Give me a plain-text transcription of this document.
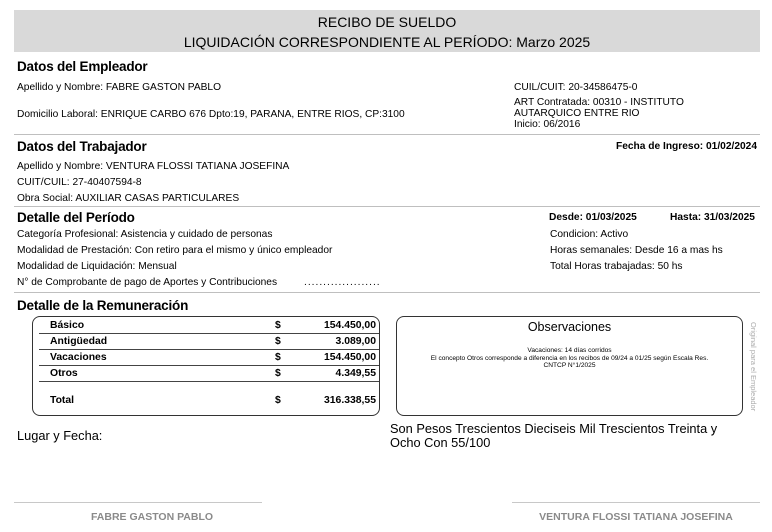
RECIBO DE SUELDO
LIQUIDACIÓN CORRESPONDIENTE AL PERÍODO: Marzo 2025
Datos del Empleador
Apellido y Nombre: FABRE GASTON PABLO	CUIL/CUIT: 20-34586475-0
Domicilio Laboral: ENRIQUE CARBO 676 Dpto:19, PARANA, ENTRE RIOS, CP:3100
ART Contratada: 00310 - INSTITUTO
AUTARQUICO ENTRE RIO
Inicio: 06/2016
Datos del Trabajador	Fecha de Ingreso: 01/02/2024
Apellido y Nombre: VENTURA FLOSSI TATIANA JOSEFINA
CUIT/CUIL: 27-40407594-8
Obra Social: AUXILIAR CASAS PARTICULARES
Detalle del Período	Desde: 01/03/2025	Hasta: 31/03/2025
Categoría Profesional: Asistencia y cuidado de personas	Condicion: Activo
Modalidad de Prestación: Con retiro para el mismo y único empleador	Horas semanales: Desde 16 a mas hs
Modalidad de Liquidación: Mensual	Total Horas trabajadas: 50 hs
N° de Comprobante de pago de Aportes y Contribuciones	....................
Detalle de la Remuneración
Básico	$	154.450,00
Antigüedad	$	3.089,00
Vacaciones	$	154.450,00
Otros	$	4.349,55
Total	$	316.338,55
Observaciones
Vacaciones: 14 días corridos
El concepto Otros corresponde a diferencia en los recibos de 09/24 a 01/25 según Escala Res.
CNTCP N°1/2025	Original para el Empleador
Lugar y Fecha:	Son Pesos Trescientos Dieciseis Mil Trescientos Treinta y
Ocho Con 55/100
FABRE GASTON PABLO	VENTURA FLOSSI TATIANA JOSEFINA
